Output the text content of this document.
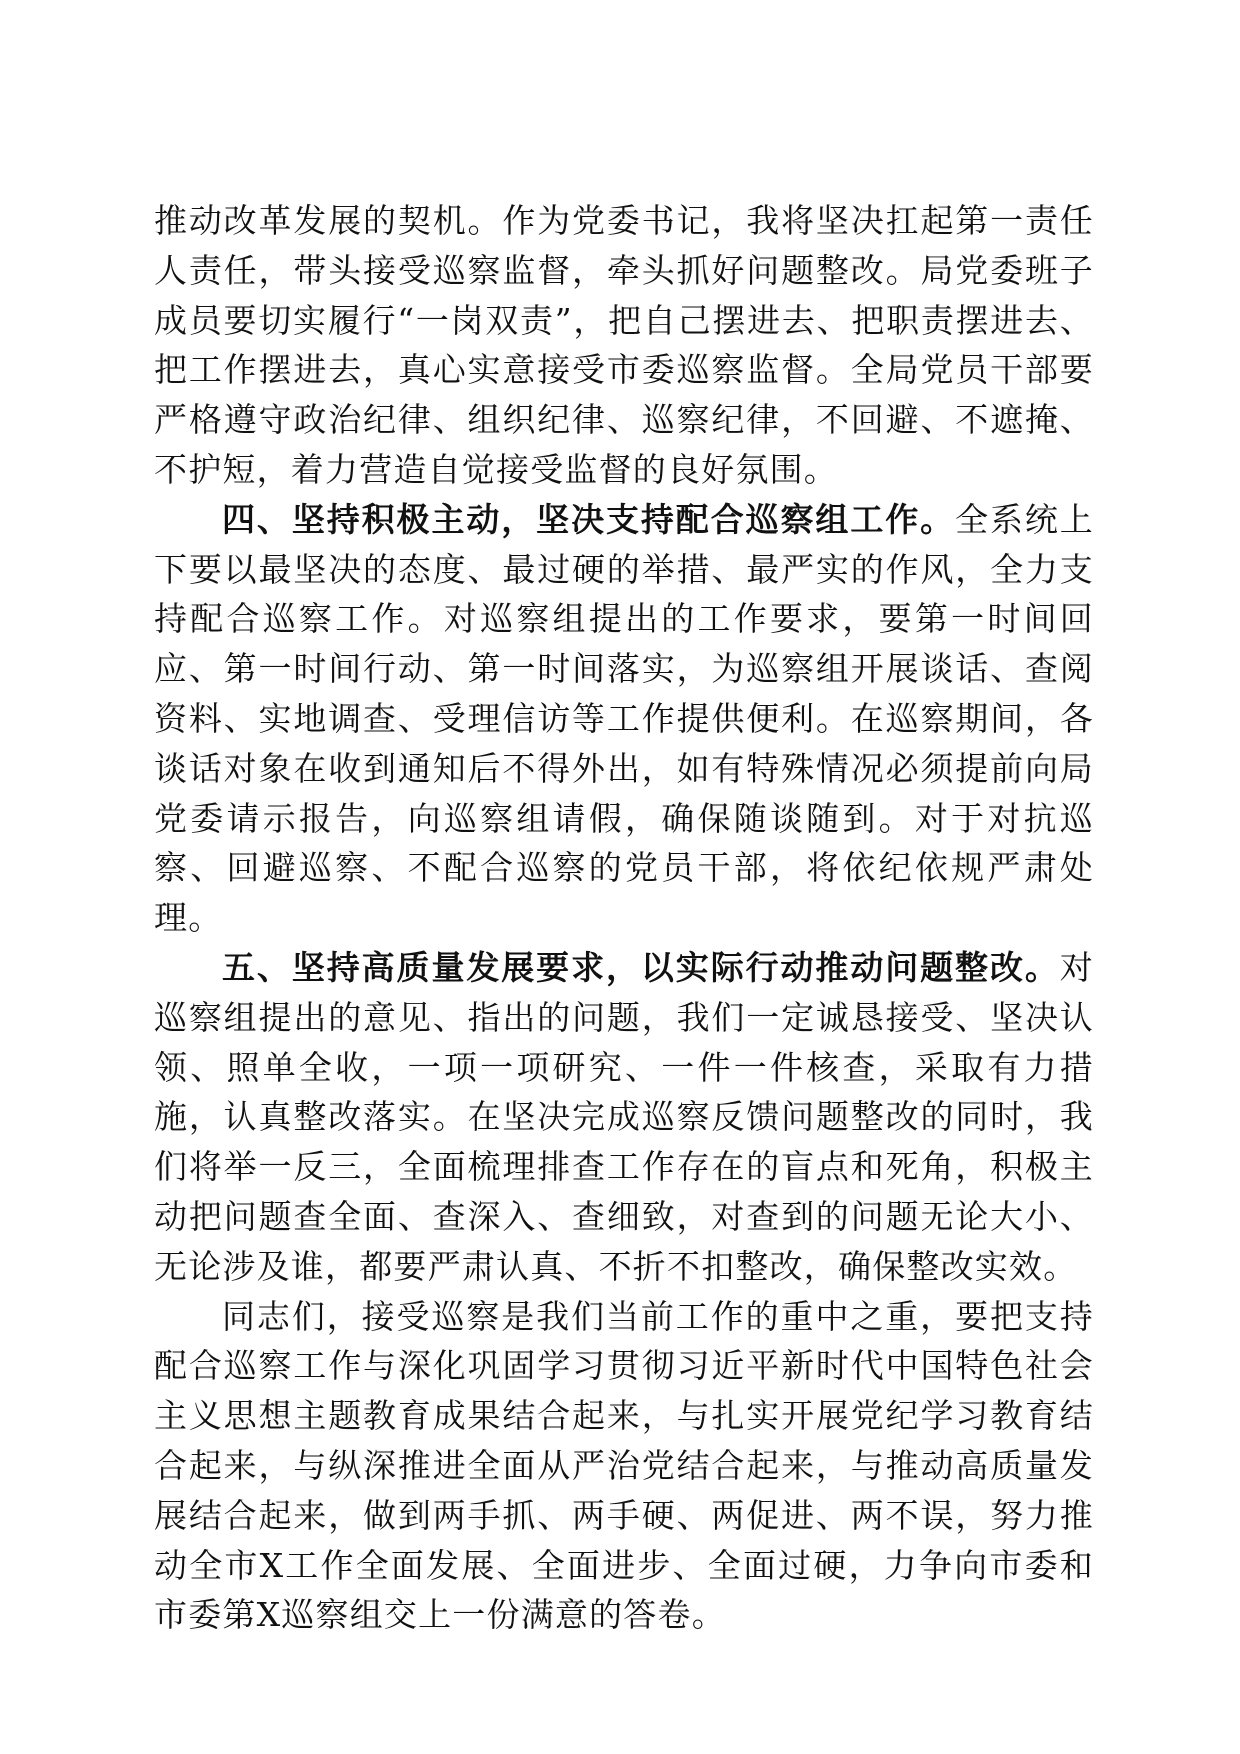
推动改革发展的契机。作为党委书记，我将坚决扛起第一责任人责任，带头接受巡察监督，牵头抓好问题整改。局党委班子成员要切实履行“一岗双责”，把自己摆进去、把职责摆进去、把工作摆进去，真心实意接受市委巡察监督。全局党员干部要严格遵守政治纪律、组织纪律、巡察纪律，不回避、不遮掩、不护短，着力营造自觉接受监督的良好氛围。

四、坚持积极主动，坚决支持配合巡察组工作。全系统上下要以最坚决的态度、最过硬的举措、最严实的作风，全力支持配合巡察工作。对巡察组提出的工作要求，要第一时间回应、第一时间行动、第一时间落实，为巡察组开展谈话、查阅资料、实地调查、受理信访等工作提供便利。在巡察期间，各谈话对象在收到通知后不得外出，如有特殊情况必须提前向局党委请示报告，向巡察组请假，确保随谈随到。对于对抗巡察、回避巡察、不配合巡察的党员干部，将依纪依规严肃处理。

五、坚持高质量发展要求，以实际行动推动问题整改。对巡察组提出的意见、指出的问题，我们一定诚恳接受、坚决认领、照单全收，一项一项研究、一件一件核查，采取有力措施，认真整改落实。在坚决完成巡察反馈问题整改的同时，我们将举一反三，全面梳理排查工作存在的盲点和死角，积极主动把问题查全面、查深入、查细致，对查到的问题无论大小、无论涉及谁，都要严肃认真、不折不扣整改，确保整改实效。

同志们，接受巡察是我们当前工作的重中之重，要把支持配合巡察工作与深化巩固学习贯彻习近平新时代中国特色社会主义思想主题教育成果结合起来，与扎实开展党纪学习教育结合起来，与纵深推进全面从严治党结合起来，与推动高质量发展结合起来，做到两手抓、两手硬、两促进、两不误，努力推动全市X工作全面发展、全面进步、全面过硬，力争向市委和市委第X巡察组交上一份满意的答卷。
